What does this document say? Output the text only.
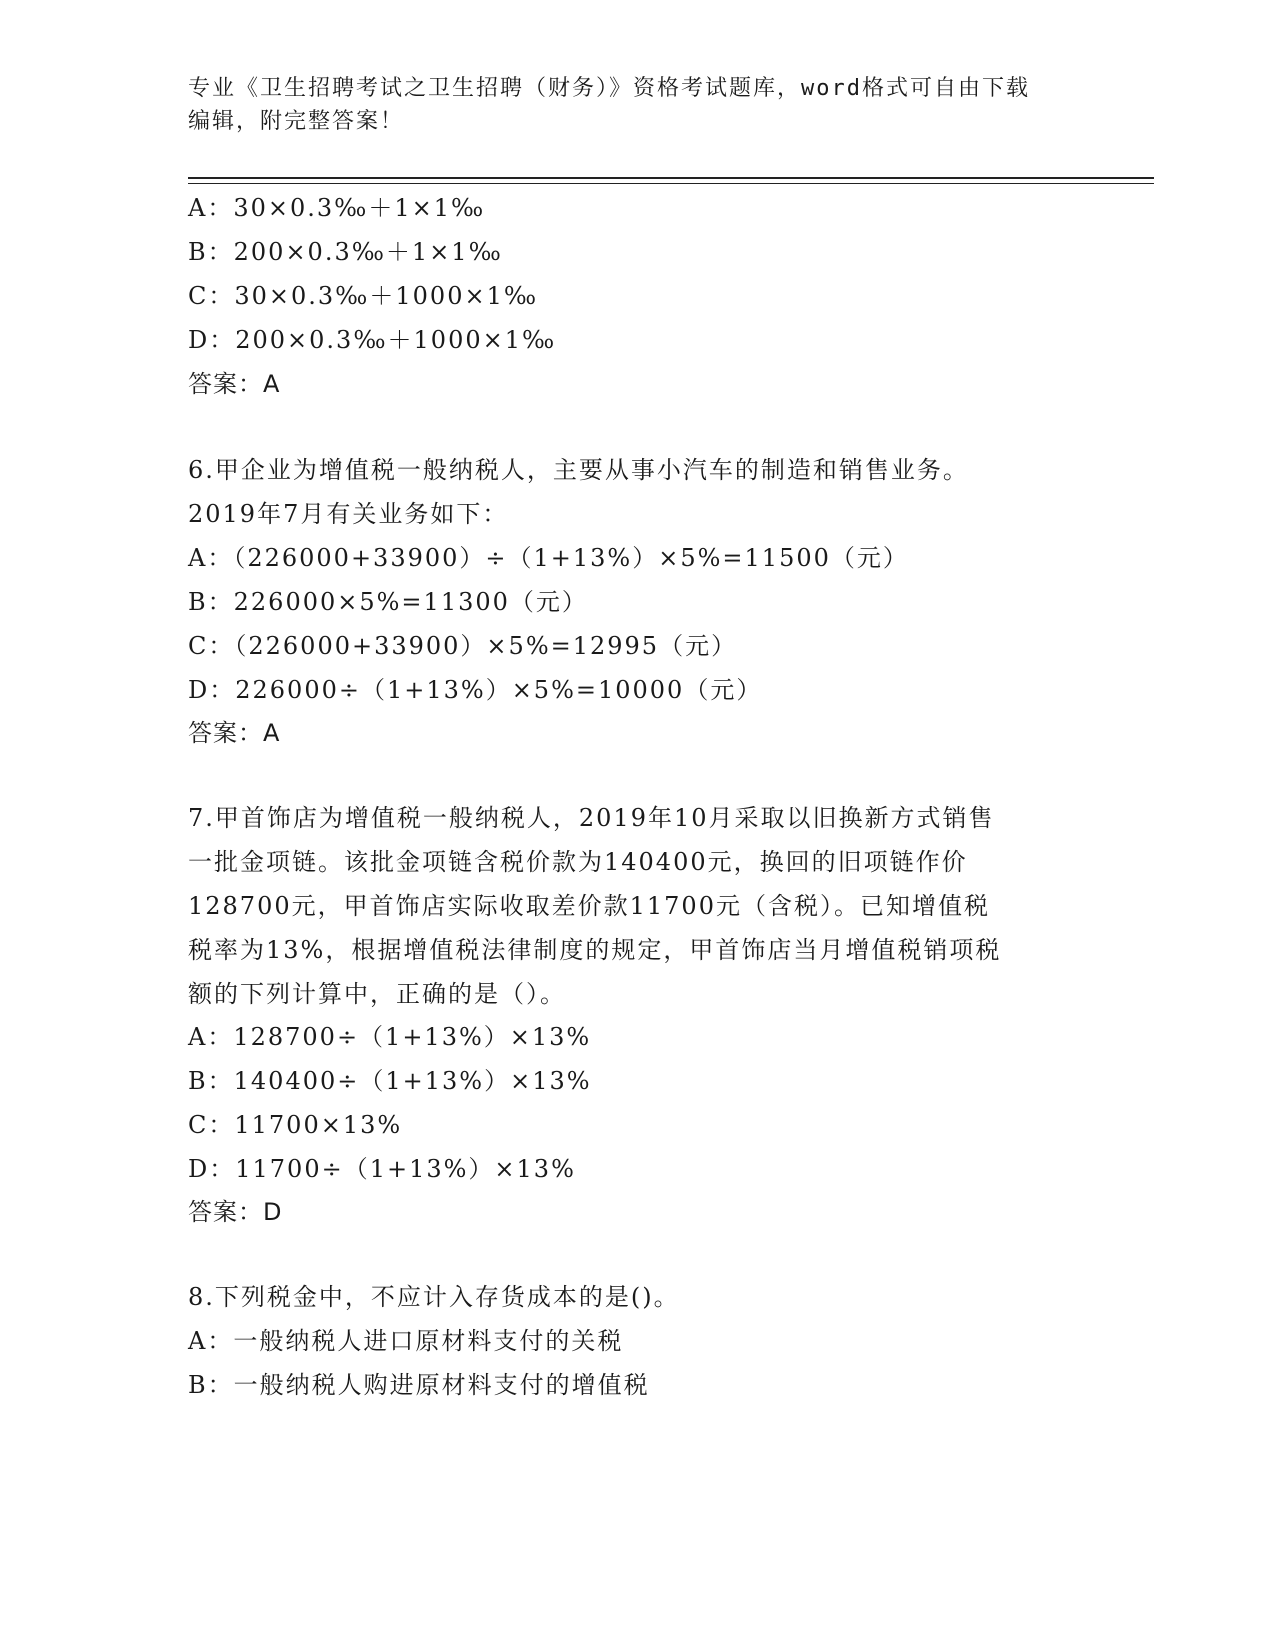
专业《卫生招聘考试之卫生招聘（财务）》资格考试题库，word格式可自由下载
编辑，附完整答案！
A：30×0.3‰＋1×1‰
B：200×0.3‰＋1×1‰
C：30×0.3‰＋1000×1‰
D：200×0.3‰＋1000×1‰
答案：A
6.甲企业为增值税一般纳税人，主要从事小汽车的制造和销售业务。
2019年7月有关业务如下：
A：（226000+33900）÷（1+13%）×5%=11500（元）
B：226000×5%=11300（元）
C：（226000+33900）×5%=12995（元）
D：226000÷（1+13%）×5%=10000（元）
答案：A
7.甲首饰店为增值税一般纳税人，2019年10月采取以旧换新方式销售
一批金项链。该批金项链含税价款为140400元，换回的旧项链作价
128700元，甲首饰店实际收取差价款11700元（含税）。已知增值税
税率为13%，根据增值税法律制度的规定，甲首饰店当月增值税销项税
额的下列计算中，正确的是（）。
A：128700÷（1+13%）×13%
B：140400÷（1+13%）×13%
C：11700×13%
D：11700÷（1+13%）×13%
答案：D
8.下列税金中，不应计入存货成本的是()。
A：一般纳税人进口原材料支付的关税
B：一般纳税人购进原材料支付的增值税
